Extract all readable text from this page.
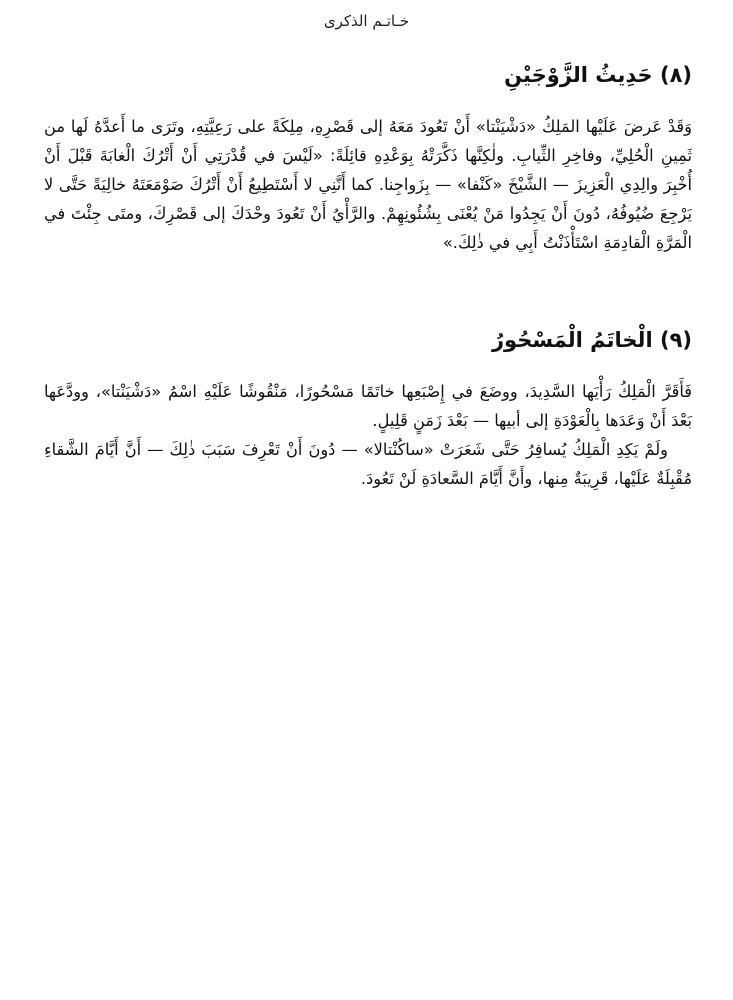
خـاتـم الذكرى
(٨) حَدِيثُ الزَّوْجَيْنِ

وَقَدْ عَرضَ عَلَيْها المَلِكُ «دَشْيَنْتا» أَنْ تَعُودَ مَعَهُ إلى قَصْرِهِ، مِلِكَةً على رَعِيَّتِهِ، وتَرَى ما أَعدَّهُ لَها من ثَمِينِ الْحُلِيِّ، وفاخِرِ الثِّيابِ. ولٰكِنَّها ذَكَّرَتْهُ بِوَعْدِهِ قائِلَةً: «لَيْسَ في قُدْرَتِي أَنْ أَتْرُكَ الْغابَةَ قَبْلَ أَنْ أُخْبِرَ والِدِي الْعَزِيزَ — الشَّيْخَ «كَنْفا» — بِزَواجِنا. كما أَنَّنِي لا أَسْتَطِيعُ أَنْ أَتْرُكَ صَوْمَعَتَهُ خالِيَةً حَتَّى لا يَرْجِعَ ضُيُوفُهُ، دُونَ أَنْ يَجِدُوا مَنْ يُعْنَى بِشُئُونِهِمْ. والرَّأْيُ أَنْ تَعُودَ وحْدَكَ إلى قَصْرِكَ، ومتَى جِئْتَ في الْمَرَّةِ الْقادِمَةِ اسْتَأْذَنْتُ أَبِي في ذٰلِكَ.»

(٩) الْخاتَمُ الْمَسْحُورُ

فَأَقَرَّ الْمَلِكُ رَأْيَها السَّدِيدَ، ووضَعَ في إِصْبَعِها خاتَمًا مَسْحُورًا، مَنْقُوشًا عَلَيْهِ اسْمُ «دَشْيَنْتا»، وودَّعَها بَعْدَ أَنْ وَعَدَها بِالْعَوْدَةِ إلى أبيها — بَعْدَ زَمَنٍ قَلِيلٍ.

ولَمْ يَكِدِ الْمَلِكُ يُسافِرُ حَتَّى شَعَرَتْ «ساكُنْتالا» — دُونَ أَنْ تَعْرِفَ سَبَبَ ذٰلِكَ — أَنَّ أَيَّامَ الشَّقاءِ مُقْبِلَةٌ عَلَيْها، قَرِيبَةٌ مِنها، وأَنَّ أَيَّامَ السَّعادَةِ لَنْ تَعُودَ.
